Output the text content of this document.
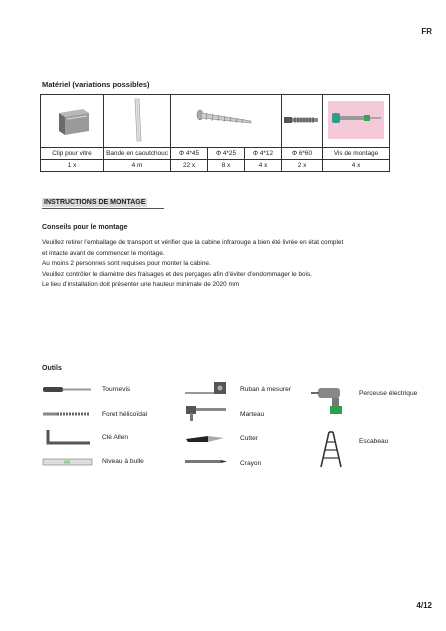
FR
Matériel (variations possibles)

Clip pour vitre	Bande en caoutchouc	Φ 4*45	Φ 4*25	Φ 4*12	Φ 6*60	Vis de montage
1 x	4 m	22 x	8 x	4 x	2 x	4 x
INSTRUCTIONS DE MONTAGE
Conseils pour le montage
Veuillez retirer l’emballage de transport et vérifier que la cabine infrarouge a bien été livrée en état complet
et intacte avant de commencer le montage.
Au moins 2 personnes sont requises pour monter la cabine.
Veuillez contrôler le diamètre des fraisages et des perçages afin d’éviter d’endommager le bois.
Le lieu d’installation doit présenter une hauteur minimale de 2020 mm
Outils
Tournevis
Foret hélicoïdal
Clé Allen
Niveau à bulle
Ruban à mesurer
Marteau
Cutter
Crayon
Perceuse électrique
Escabeau
4/12
